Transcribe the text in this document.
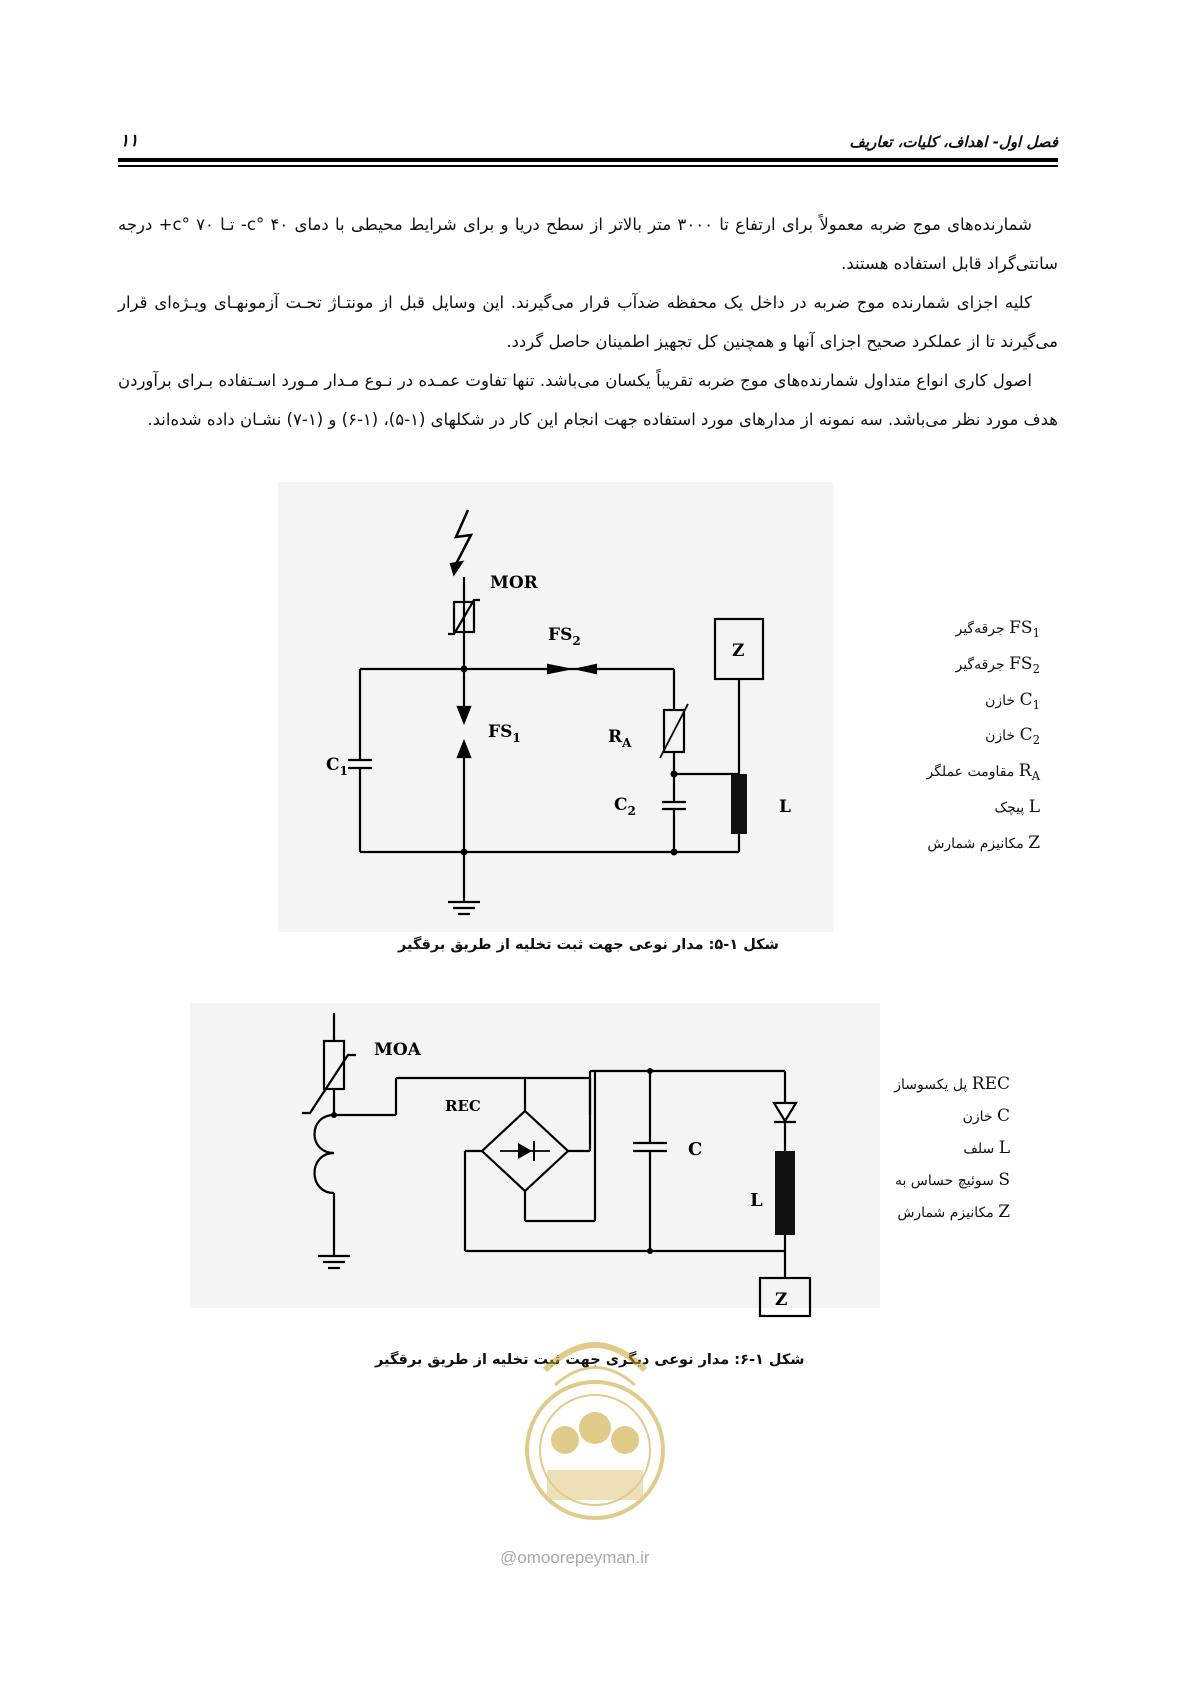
فصل اول- اهداف، کلیات، تعاریف
۱۱

شمارنده‌های موج ضربه معمولاً برای ارتفاع تا ۳۰۰۰ متر بالاتر از سطح دریا و برای شرایط محیطی با دمای c° ۴۰- تـا c° ۷۰+ درجه سانتی‌گراد قابل استفاده هستند.

کلیه اجزای شمارنده موج ضربه در داخل یک محفظه ضدآب قرار می‌گیرند. این وسایل قبل از مونتـاژ تحـت آزمونهـای ویـژه‌ای قرار می‌گیرند تا از عملکرد صحیح اجزای آنها و همچنین کل تجهیز اطمینان حاصل گردد.

اصول کاری انواع متداول شمارنده‌های موج ضربه تقریباً یکسان می‌باشد. تنها تفاوت عمـده در نـوع مـدار مـورد اسـتفاده بـرای برآوردن هدف مورد نظر می‌باشد. سه نمونه از مدارهای مورد استفاده جهت انجام این کار در شکلهای (۱-۵)، (۱-۶) و (۱-۷) نشـان داده شده‌اند.

MOR
$FS_2$
$FS_1$
$C_1$
$R_A$
$C_2$
Z
L
$FS_1$ جرقه‌گیر
$FS_2$ جرقه‌گیر
$C_1$ خازن
$C_2$ خازن
$R_A$ مقاومت عملگر
L پیچک
Z مکانیزم شمارش
شکل ۱-۵: مدار نوعی جهت ثبت تخلیه از طریق برقگیر
MOA
REC
C
L
Z
REC پل یکسوساز
C خازن
L سلف
S سوئیچ حساس به
Z مکانیزم شمارش
شکل ۱-۶: مدار نوعی دیگری جهت ثبت تخلیه از طریق برقگیر
@omoorepeyman.ir
